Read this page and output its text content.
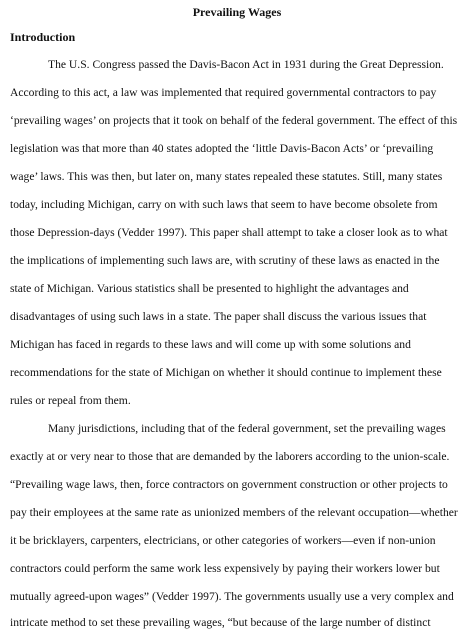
Prevailing Wages
Introduction

The U.S. Congress passed the Davis-Bacon Act in 1931 during the Great Depression.

According to this act, a law was implemented that required governmental contractors to pay

‘prevailing wages’ on projects that it took on behalf of the federal government. The effect of this

legislation was that more than 40 states adopted the ‘little Davis-Bacon Acts’ or ‘prevailing

wage’ laws. This was then, but later on, many states repealed these statutes. Still, many states

today, including Michigan, carry on with such laws that seem to have become obsolete from

those Depression-days (Vedder 1997). This paper shall attempt to take a closer look as to what

the implications of implementing such laws are, with scrutiny of these laws as enacted in the

state of Michigan. Various statistics shall be presented to highlight the advantages and

disadvantages of using such laws in a state. The paper shall discuss the various issues that

Michigan has faced in regards to these laws and will come up with some solutions and

recommendations for the state of Michigan on whether it should continue to implement these

rules or repeal from them.

Many jurisdictions, including that of the federal government, set the prevailing wages

exactly at or very near to those that are demanded by the laborers according to the union-scale.

“Prevailing wage laws, then, force contractors on government construction or other projects to

pay their employees at the same rate as unionized members of the relevant occupation—whether

it be bricklayers, carpenters, electricians, or other categories of workers—even if non-union

contractors could perform the same work less expensively by paying their workers lower but

mutually agreed-upon wages” (Vedder 1997). The governments usually use a very complex and

intricate method to set these prevailing wages, “but because of the large number of distinct
